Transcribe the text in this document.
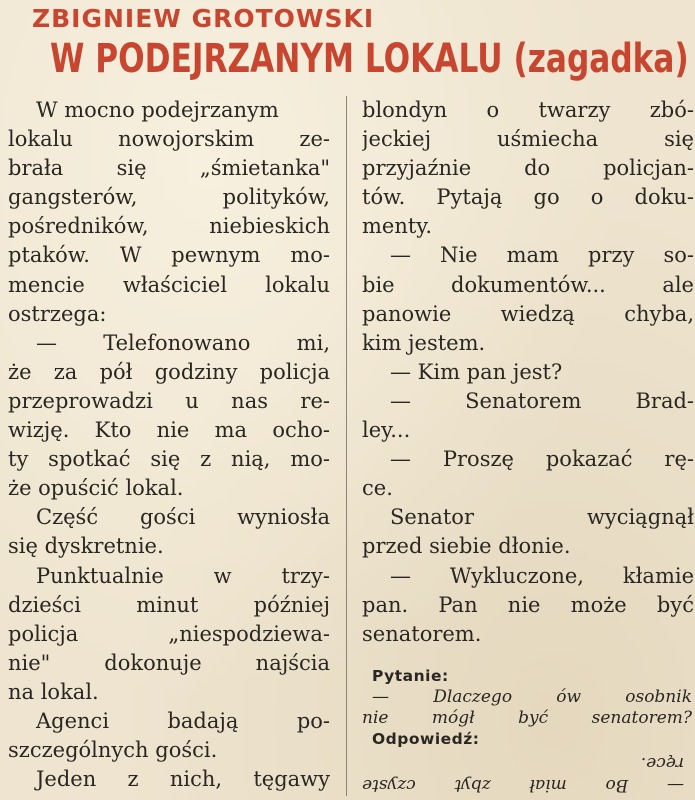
ZBIGNIEW GROTOWSKI
W PODEJRZANYM LOKALU (zagadka)
W mocno podejrzanym
lokalu nowojorskim ze-
brała się „śmietanka"
gangsterów, polityków,
pośredników, niebieskich
ptaków. W pewnym mo-
mencie właściciel lokalu
ostrzega:
— Telefonowano mi,
że za pół godziny policja
przeprowadzi u nas re-
wizję. Kto nie ma ocho-
ty spotkać się z nią, mo-
że opuścić lokal.
Część gości wyniosła
się dyskretnie.
Punktualnie w trzy-
dzieści minut później
policja „niespodziewa-
nie" dokonuje najścia
na lokal.
Agenci badają po-
szczególnych gości.
Jeden z nich, tęgawy
blondyn o twarzy zbó-
jeckiej uśmiecha się
przyjaźnie do policjan-
tów. Pytają go o doku-
menty.
— Nie mam przy so-
bie dokumentów... ale
panowie wiedzą chyba,
kim jestem.
— Kim pan jest?
— Senatorem Brad-
ley...
— Proszę pokazać rę-
ce.
Senator wyciągnął
przed siebie dłonie.
— Wykluczone, kłamie
pan. Pan nie może być
senatorem.
Pytanie:
— Dlaczego ów osobnik
nie mógł być senatorem?
Odpowiedź:
— Bo miał zbyt czyste
ręce.
